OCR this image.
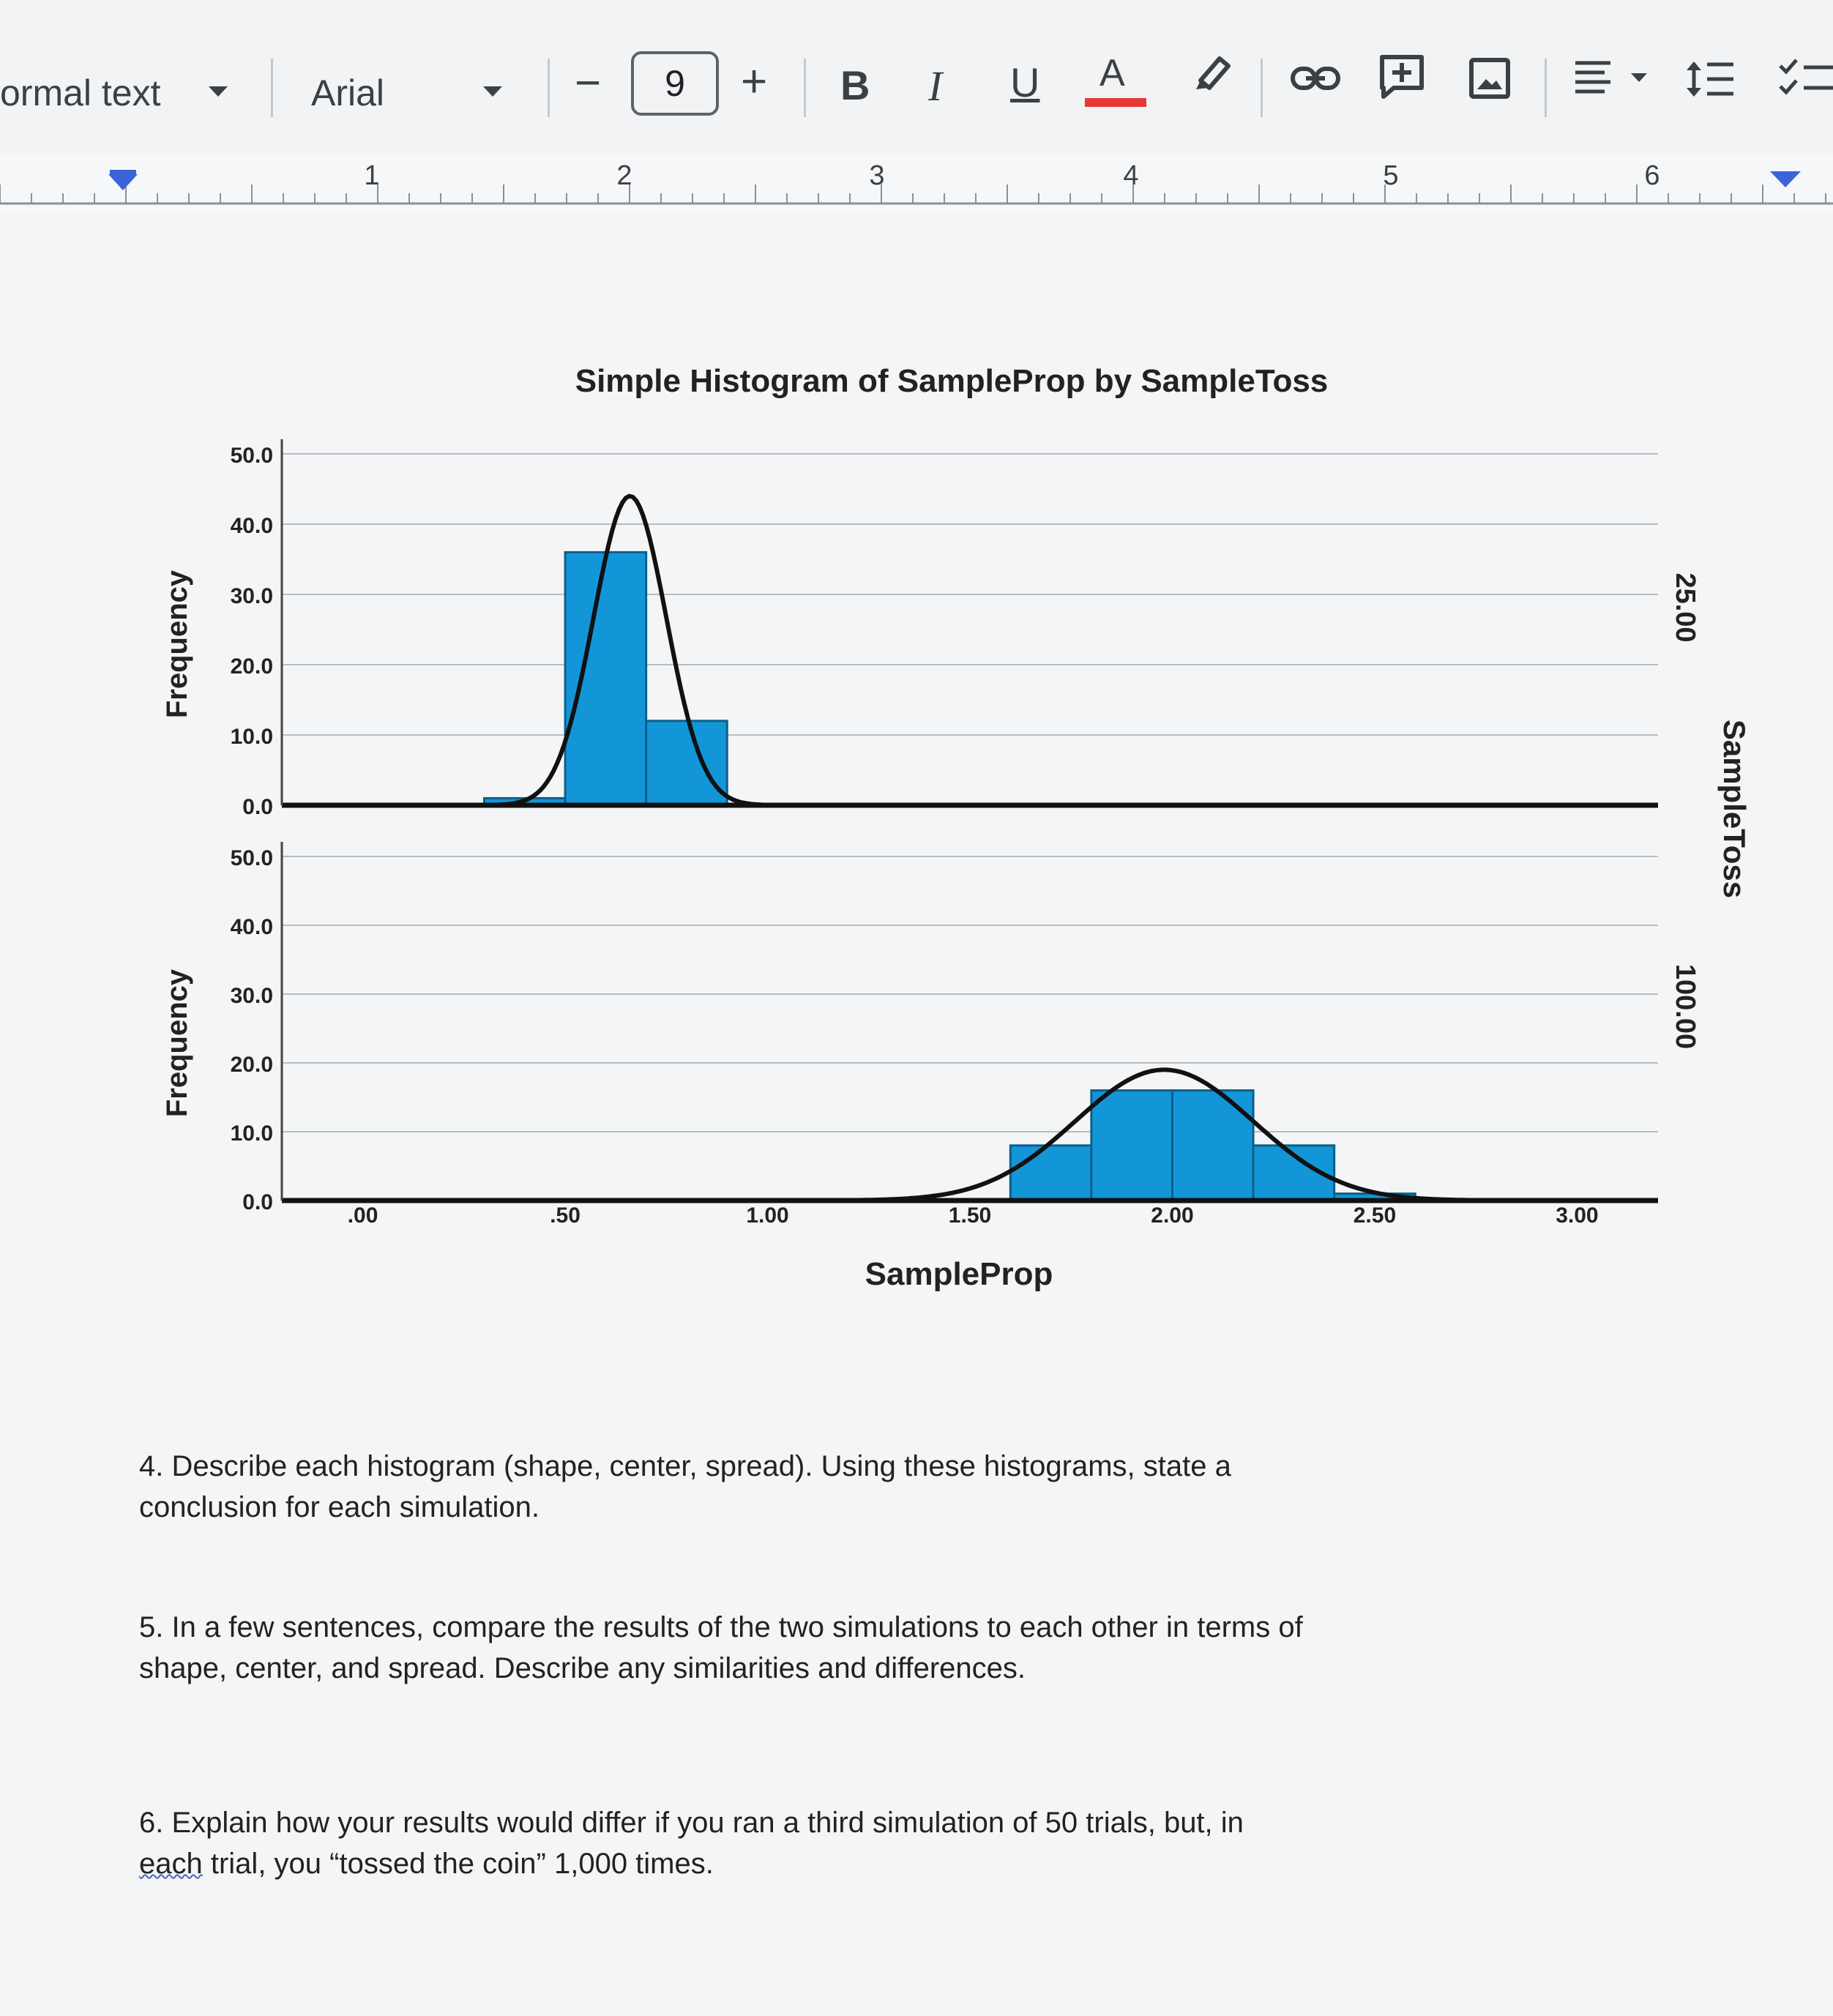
ormal text	Arial	−	9	+ B I U A
1	2	3	4	5	6
Simple Histogram of SampleProp by SampleToss
0.0
10.0
20.0
30.0
40.0
50.0
Frequency	25.00
0.0
10.0
20.0
30.0
40.0
50.0
Frequency	100.00
.00	.50	1.00	1.50	2.00	2.50	3.00
SampleProp
SampleToss
4. Describe each histogram (shape, center, spread). Using these histograms, state a
conclusion for each simulation.
5. In a few sentences, compare the results of the two simulations to each other in terms of
shape, center, and spread. Describe any similarities and differences.
6. Explain how your results would differ if you ran a third simulation of 50 trials, but, in
each trial, you “tossed the coin” 1,000 times.
